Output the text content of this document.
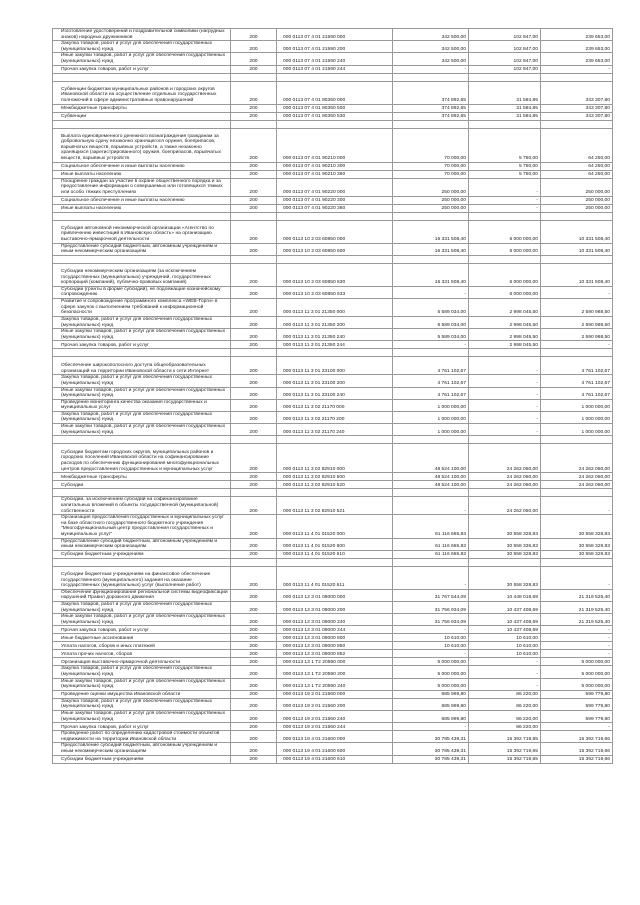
Изготовление удостоверений и поздравительной символики (нагрудных знаков) народных дружинников	200	000 0113 07 4 01 21590 000	342 500,00	102 847,00	239 653,00
Закупка товаров, работ и услуг для обеспечения государственных (муниципальных) нужд	200	000 0113 07 4 01 21590 200	342 500,00	102 847,00	239 653,00
Иные закупки товаров, работ и услуг для обеспечения государственных (муниципальных) нужд	200	000 0113 07 4 01 21590 240	342 500,00	102 847,00	239 653,00
Прочая закупка товаров, работ и услуг	200	000 0113 07 4 01 21590 244	-	102 847,00	-

Субвенции бюджетам муниципальных районов и городских округов Ивановской области на осуществление отдельных государственных полномочий в сфере административных правонарушений	200	000 0113 07 4 01 80350 000	374 892,65	31 584,85	343 307,80
Межбюджетные трансферты	200	000 0113 07 4 01 80350 500	374 892,65	31 584,85	343 307,80
Субвенции	200	000 0113 07 4 01 80350 530	374 892,65	31 584,85	343 307,80

Выплата единовременного денежного вознаграждения гражданам за добровольную сдачу незаконно хранящегося оружия, боеприпасов, взрывчатых веществ, взрывных устройств, а также незаконно хранящихся (зарегистрированного) оружия, боеприпасов, взрывчатых веществ, взрывных устройств	200	000 0113 07 4 01 90210 000	70 000,00	5 750,00	64 250,00
Социальное обеспечение и иные выплаты населению	200	000 0113 07 4 01 90210 300	70 000,00	5 750,00	64 250,00
Иные выплаты населению	200	000 0113 07 4 01 90210 360	70 000,00	5 750,00	64 250,00
Поощрение граждан за участие в охране общественного порядка и за предоставление информации о совершаемых или готовящихся тяжких или особо тяжких преступлениях	200	000 0113 07 4 01 90220 000	250 000,00	-	250 000,00
Социальное обеспечение и иные выплаты населению	200	000 0113 07 4 01 90220 300	250 000,00	-	250 000,00
Иные выплаты населению	200	000 0113 07 4 01 90220 360	250 000,00	-	250 000,00

Субсидия автономной некоммерческой организации «Агентство по привлечению инвестиций в Ивановскую область» на организацию выставочно-ярмарочной деятельности	200	000 0113 10 2 03 60850 000	16 331 508,40	6 000 000,00	10 331 508,40
Предоставление субсидий бюджетным, автономным учреждениям и иным некоммерческим организациям	200	000 0113 10 2 03 60850 600	16 331 508,40	6 000 000,00	10 331 508,40

Субсидии некоммерческим организациям (за исключением государственных (муниципальных) учреждений, государственных корпораций (компаний), публично-правовых компаний)	200	000 0113 10 2 03 60850 630	16 331 508,40	6 000 000,00	10 331 508,40
Субсидии (гранты в форме субсидий), не подлежащие казначейскому сопровождению	200	000 0113 10 2 03 60850 633	-	6 000 000,00	-
Развитие и сопровождение программного комплекса «WEB-Торги» в сфере закупок с выполнением требований к информационной безопасности	200	000 0113 11 3 01 21350 000	5 589 034,00	2 998 045,50	2 590 988,50
Закупка товаров, работ и услуг для обеспечения государственных (муниципальных) нужд	200	000 0113 11 3 01 21350 200	5 589 034,00	2 998 045,50	2 590 988,50
Иные закупки товаров, работ и услуг для обеспечения государственных (муниципальных) нужд	200	000 0113 11 3 01 21350 240	5 589 034,00	2 998 045,50	2 590 988,50
Прочая закупка товаров, работ и услуг	200	000 0113 11 3 01 21350 244	-	2 998 045,50	-

Обеспечение широкополосного доступа общеобразовательных организаций на территории Ивановской области к сети Интернет	200	000 0113 11 3 01 23100 000	4 761 102,67	-	4 761 102,67
Закупка товаров, работ и услуг для обеспечения государственных (муниципальных) нужд	200	000 0113 11 3 01 23100 200	4 761 102,67	-	4 761 102,67
Иные закупки товаров, работ и услуг для обеспечения государственных (муниципальных) нужд	200	000 0113 11 3 01 23100 240	4 761 102,67	-	4 761 102,67
Проведение мониторинга качества оказания государственных и муниципальных услуг	200	000 0113 11 3 02 21170 000	1 000 000,00	-	1 000 000,00
Закупка товаров, работ и услуг для обеспечения государственных (муниципальных) нужд	200	000 0113 11 3 02 21170 200	1 000 000,00	-	1 000 000,00
Иные закупки товаров, работ и услуг для обеспечения государственных (муниципальных) нужд	200	000 0113 11 3 02 21170 240	1 000 000,00	-	1 000 000,00

Субсидии бюджетам городских округов, муниципальных районов и городских поселений Ивановской области на софинансирование расходов по обеспечению функционирования многофункциональных центров предоставления государственных и муниципальных услуг	200	000 0113 11 3 02 82910 000	48 524 100,00	24 262 050,00	24 262 050,00
Межбюджетные трансферты	200	000 0113 11 3 02 82910 500	48 524 100,00	24 262 050,00	24 262 050,00
Субсидии	200	000 0113 11 3 02 82910 520	48 524 100,00	24 262 050,00	24 262 050,00

Субсидии, за исключением субсидий на софинансирование капитальных вложений в объекты государственной (муниципальной) собственности	200	000 0113 11 3 02 82910 521	-	24 262 050,00	-
Организация предоставления государственных и муниципальных услуг на базе областного государственного бюджетного учреждения "Многофункциональный центр предоставления государственных и муниципальных услуг"	200	000 0113 11 4 01 01520 000	61 116 665,83	30 558 328,83	30 558 328,83
Предоставление субсидий бюджетным, автономным учреждениям и иным некоммерческим организациям	200	000 0113 11 4 01 01520 600	61 116 665,83	30 558 336,83	30 558 329,83
Субсидии бюджетным учреждениям	200	000 0113 11 4 01 01520 610	61 116 665,83	30 558 328,83	30 558 329,83

Субсидии бюджетным учреждениям на финансовое обеспечение государственного (муниципального) задания на оказание государственных (муниципальных) услуг (выполнение работ)	200	000 0113 11 4 01 01520 611	-	30 558 328,83	-
Обеспечение функционирования региональной системы видеофиксации нарушений Правил дорожного движения	200	000 0113 12 3 01 09000 000	31 767 544,09	10 448 018,69	21 319 525,40
Закупка товаров, работ и услуг для обеспечения государственных (муниципальных) нужд	200	000 0113 12 3 01 09000 200	31 756 934,09	10 437 408,69	21 319 525,40
Иные закупки товаров, работ и услуг для обеспечения государственных (муниципальных) нужд	200	000 0113 12 3 01 09000 240	31 756 934,09	10 437 408,69	21 319 525,40
Прочая закупка товаров, работ и услуг	200	000 0113 12 3 01 09000 244	-	10 437 408,69	-
Иные бюджетные ассигнования	200	000 0113 12 3 01 09000 800	10 610,00	10 610,00	-
Уплата налогов, сборов и иных платежей	200	000 0113 12 3 01 09000 850	10 610,00	10 610,00	-
Уплата прочих налогов, сборов	200	000 0113 12 3 01 09000 852	-	10 610,00	-
Организация выставочно-ярмарочной деятельности	200	000 0113 13 1 T2 20590 000	5 000 000,00	-	5 000 000,00
Закупка товаров, работ и услуг для обеспечения государственных (муниципальных) нужд	200	000 0113 13 1 T2 20590 200	5 000 000,00	-	5 000 000,00
Иные закупки товаров, работ и услуг для обеспечения государственных (муниципальных) нужд	200	000 0113 13 1 T2 20590 240	5 000 000,00	-	5 000 000,00
Проведение оценки имущества Ивановской области	200	000 0113 19 2 01 21560 000	685 999,80	86 220,00	599 779,80
Закупка товаров, работ и услуг для обеспечения государственных (муниципальных) нужд	200	000 0113 19 2 01 21560 200	685 999,80	86 220,00	599 779,80
Иные закупки товаров, работ и услуг для обеспечения государственных (муниципальных) нужд	200	000 0113 19 2 01 21560 240	685 999,80	86 220,00	599 779,80
Прочая закупка товаров, работ и услуг	200	000 0113 19 2 01 21560 244	-	86 220,00	-
Проведение работ по определению кадастровой стоимости объектов недвижимости на территории Ивановской области	200	000 0113 19 4 01 21600 000	30 785 439,31	15 392 719,65	15 392 719,66
Предоставление субсидий бюджетным, автономным учреждениям и иным некоммерческим организациям	200	000 0113 19 4 01 21600 600	30 785 439,31	15 392 719,65	15 392 719,66
Субсидии бюджетным учреждениям	200	000 0113 19 4 01 21600 610	30 785 439,31	15 392 719,65	15 392 719,66
